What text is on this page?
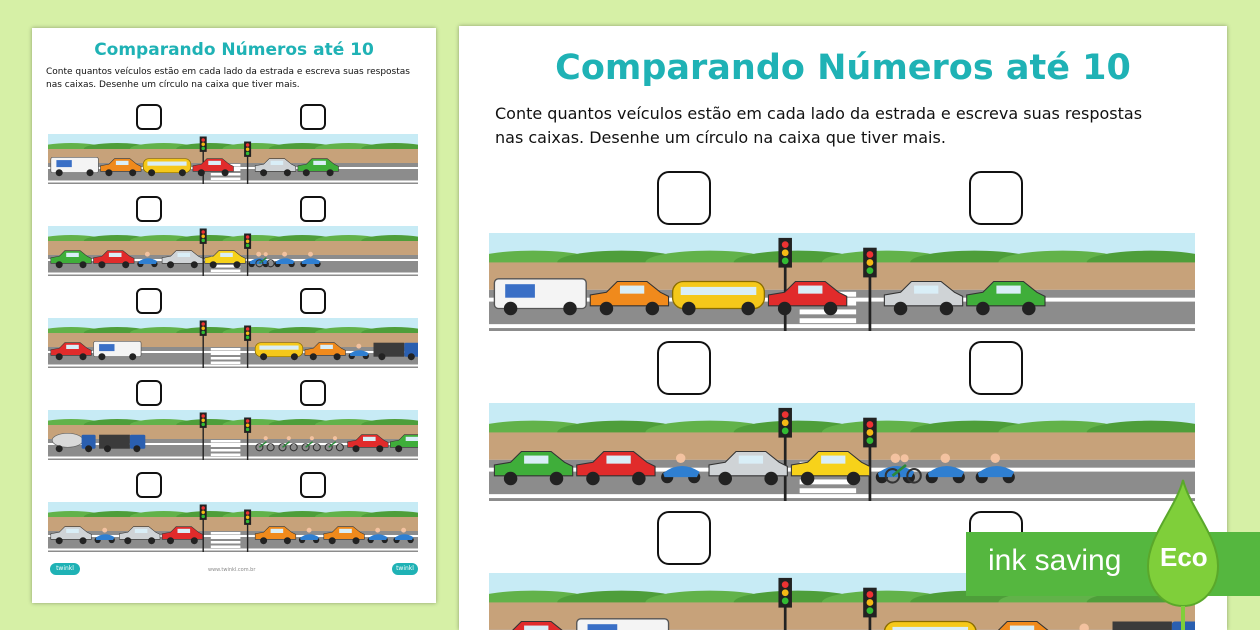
Comparando Números até 10

Conte quantos veículos estão em cada lado da estrada e escreva suas respostas nas caixas. Desenhe um círculo na caixa que tiver mais.

twinkl	www.twinkl.com.br	twinkl
Comparando Números até 10

Conte quantos veículos estão em cada lado da estrada e escreva suas respostas
nas caixas. Desenhe um círculo na caixa que tiver mais.

ink saving Eco
